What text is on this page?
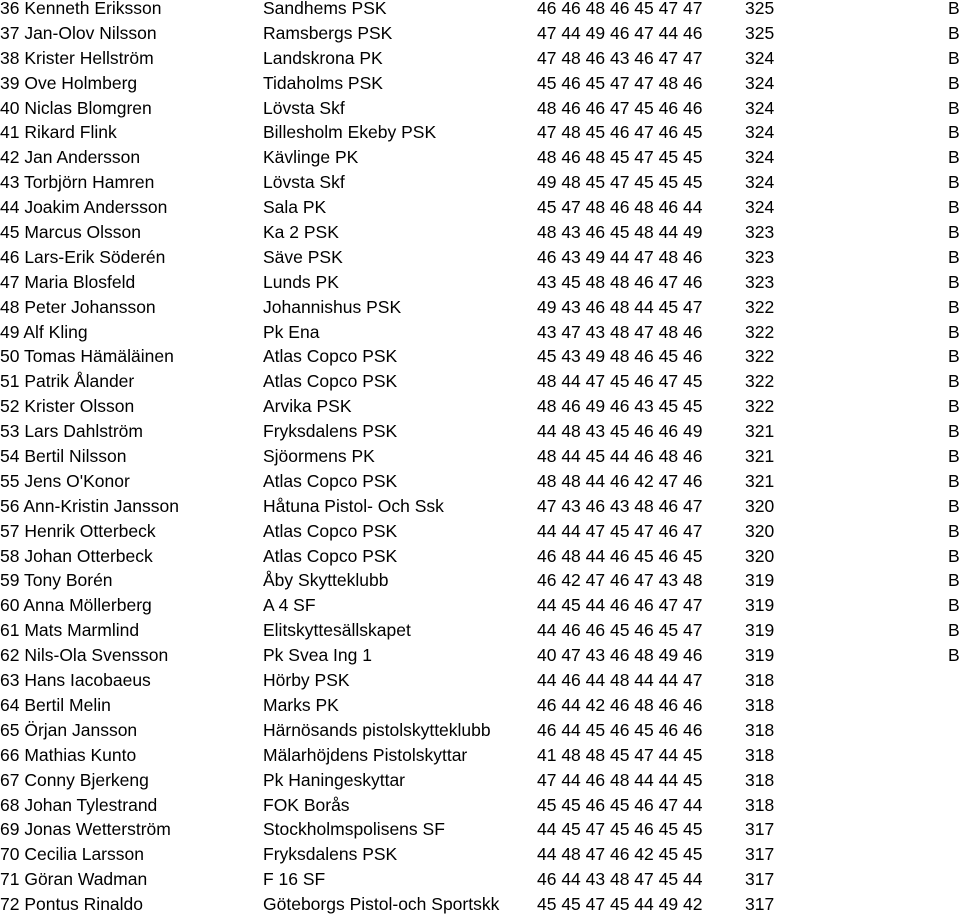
36 Kenneth Eriksson	Sandhems PSK	46 46 48 46 45 47 47 325	B
37 Jan-Olov Nilsson	Ramsbergs PSK	47 44 49 46 47 44 46 325	B
38 Krister Hellström	Landskrona PK	47 48 46 43 46 47 47 324	B
39 Ove Holmberg	Tidaholms PSK	45 46 45 47 47 48 46 324	B
40 Niclas Blomgren	Lövsta Skf	48 46 46 47 45 46 46 324	B
41 Rikard Flink	Billesholm Ekeby PSK	47 48 45 46 47 46 45 324	B
42 Jan Andersson	Kävlinge PK	48 46 48 45 47 45 45 324	B
43 Torbjörn Hamren	Lövsta Skf	49 48 45 47 45 45 45 324	B
44 Joakim Andersson	Sala PK	45 47 48 46 48 46 44 324	B
45 Marcus Olsson	Ka 2 PSK	48 43 46 45 48 44 49 323	B
46 Lars-Erik Söderén	Säve PSK	46 43 49 44 47 48 46 323	B
47 Maria Blosfeld	Lunds PK	43 45 48 48 46 47 46 323	B
48 Peter Johansson	Johannishus PSK	49 43 46 48 44 45 47 322	B
49 Alf Kling	Pk Ena	43 47 43 48 47 48 46 322	B
50 Tomas Hämäläinen	Atlas Copco PSK	45 43 49 48 46 45 46 322	B
51 Patrik Ålander	Atlas Copco PSK	48 44 47 45 46 47 45 322	B
52 Krister Olsson	Arvika PSK	48 46 49 46 43 45 45 322	B
53 Lars Dahlström	Fryksdalens PSK	44 48 43 45 46 46 49 321	B
54 Bertil Nilsson	Sjöormens PK	48 44 45 44 46 48 46 321	B
55 Jens O'Konor	Atlas Copco PSK	48 48 44 46 42 47 46 321	B
56 Ann-Kristin Jansson	Håtuna Pistol- Och Ssk	47 43 46 43 48 46 47 320	B
57 Henrik Otterbeck	Atlas Copco PSK	44 44 47 45 47 46 47 320	B
58 Johan Otterbeck	Atlas Copco PSK	46 48 44 46 45 46 45 320	B
59 Tony Borén	Åby Skytteklubb	46 42 47 46 47 43 48 319	B
60 Anna Möllerberg	A 4 SF	44 45 44 46 46 47 47 319	B
61 Mats Marmlind	Elitskyttesällskapet	44 46 46 45 46 45 47 319	B
62 Nils-Ola Svensson	Pk Svea Ing 1	40 47 43 46 48 49 46 319	B
63 Hans Iacobaeus	Hörby PSK	44 46 44 48 44 44 47 318
64 Bertil Melin	Marks PK	46 44 42 46 48 46 46 318
65 Örjan Jansson	Härnösands pistolskytteklubb	46 44 45 46 45 46 46 318
66 Mathias Kunto	Mälarhöjdens Pistolskyttar	41 48 48 45 47 44 45 318
67 Conny Bjerkeng	Pk Haningeskyttar	47 44 46 48 44 44 45 318
68 Johan Tylestrand	FOK Borås	45 45 46 45 46 47 44 318
69 Jonas Wetterström	Stockholmspolisens SF	44 45 47 45 46 45 45 317
70 Cecilia Larsson	Fryksdalens PSK	44 48 47 46 42 45 45 317
71 Göran Wadman	F 16 SF	46 44 43 48 47 45 44 317
72 Pontus Rinaldo	Göteborgs Pistol-och Sportskk 45 45 47 45 44 49 42 317
